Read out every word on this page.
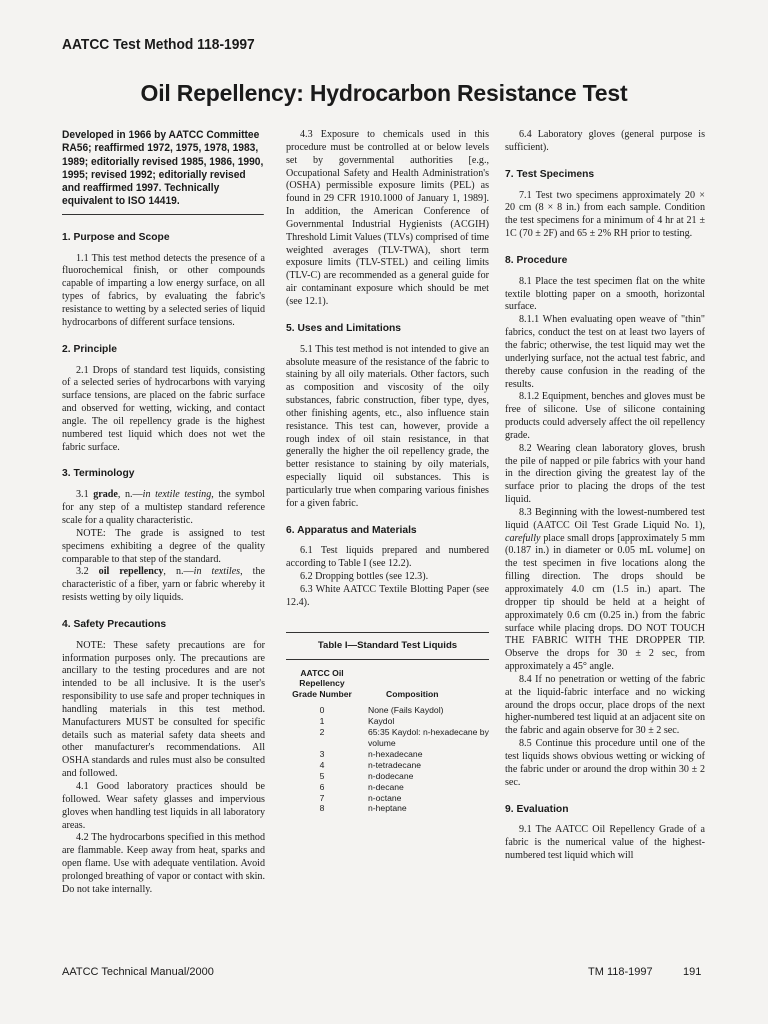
AATCC Test Method 118-1997
Oil Repellency: Hydrocarbon Resistance Test
Developed in 1966 by AATCC Committee RA56; reaffirmed 1972, 1975, 1978, 1983, 1989; editorially revised 1985, 1986, 1990, 1995; revised 1992; editorially revised and reaffirmed 1997. Technically equivalent to ISO 14419.
1. Purpose and Scope

1.1 This test method detects the presence of a fluorochemical finish, or other compounds capable of imparting a low energy surface, on all types of fabrics, by evaluating the fabric's resistance to wetting by a selected series of liquid hydrocarbons of different surface tensions.

2. Principle

2.1 Drops of standard test liquids, consisting of a selected series of hydrocarbons with varying surface tensions, are placed on the fabric surface and observed for wetting, wicking, and contact angle. The oil repellency grade is the highest numbered test liquid which does not wet the fabric surface.

3. Terminology

3.1 grade, n.—in textile testing, the symbol for any step of a multistep standard reference scale for a quality characteristic.

NOTE: The grade is assigned to test specimens exhibiting a degree of the quality comparable to that step of the standard.

3.2 oil repellency, n.—in textiles, the characteristic of a fiber, yarn or fabric whereby it resists wetting by oily liquids.

4. Safety Precautions

NOTE: These safety precautions are for information purposes only. The precautions are ancillary to the testing procedures and are not intended to be all inclusive. It is the user's responsibility to use safe and proper techniques in handling materials in this test method. Manufacturers MUST be consulted for specific details such as material safety data sheets and other manufacturer's recommendations. All OSHA standards and rules must also be consulted and followed.

4.1 Good laboratory practices should be followed. Wear safety glasses and impervious gloves when handling test liquids in all laboratory areas.

4.2 The hydrocarbons specified in this method are flammable. Keep away from heat, sparks and open flame. Use with adequate ventilation. Avoid prolonged breathing of vapor or contact with skin. Do not take internally.

4.3 Exposure to chemicals used in this procedure must be controlled at or below levels set by governmental authorities [e.g., Occupational Safety and Health Administration's (OSHA) permissible exposure limits (PEL) as found in 29 CFR 1910.1000 of January 1, 1989]. In addition, the American Conference of Governmental Industrial Hygienists (ACGIH) Threshold Limit Values (TLVs) comprised of time weighted averages (TLV-TWA), short term exposure limits (TLV-STEL) and ceiling limits (TLV-C) are recommended as a general guide for air contaminant exposure which should be met (see 12.1).

5. Uses and Limitations

5.1 This test method is not intended to give an absolute measure of the resistance of the fabric to staining by all oily materials. Other factors, such as composition and viscosity of the oily substances, fabric construction, fiber type, dyes, other finishing agents, etc., also influence stain resistance. This test can, however, provide a rough index of oil stain resistance, in that generally the higher the oil repellency grade, the better resistance to staining by oily materials, especially liquid oil substances. This is particularly true when comparing various finishes for a given fabric.

6. Apparatus and Materials

6.1 Test liquids prepared and numbered according to Table I (see 12.2).

6.2 Dropping bottles (see 12.3).

6.3 White AATCC Textile Blotting Paper (see 12.4).

Table I—Standard Test Liquids
AATCC Oil Repellency Grade Number	Composition
0	None (Fails Kaydol)
1	Kaydol
2	65:35 Kaydol: n-hexadecane by volume
3	n-hexadecane
4	n-tetradecane
5	n-dodecane
6	n-decane
7	n-octane
8	n-heptane

6.4 Laboratory gloves (general purpose is sufficient).

7. Test Specimens

7.1 Test two specimens approximately 20 × 20 cm (8 × 8 in.) from each sample. Condition the test specimens for a minimum of 4 hr at 21 ± 1C (70 ± 2F) and 65 ± 2% RH prior to testing.

8. Procedure

8.1 Place the test specimen flat on the white textile blotting paper on a smooth, horizontal surface.

8.1.1 When evaluating open weave of "thin" fabrics, conduct the test on at least two layers of the fabric; otherwise, the test liquid may wet the underlying surface, not the actual test fabric, and thereby cause confusion in the reading of the results.

8.1.2 Equipment, benches and gloves must be free of silicone. Use of silicone containing products could adversely affect the oil repellency grade.

8.2 Wearing clean laboratory gloves, brush the pile of napped or pile fabrics with your hand in the direction giving the greatest lay of the surface prior to placing the drops of the test liquid.

8.3 Beginning with the lowest-numbered test liquid (AATCC Oil Test Grade Liquid No. 1), carefully place small drops [approximately 5 mm (0.187 in.) in diameter or 0.05 mL volume] on the test specimen in five locations along the filling direction. The drops should be approximately 4.0 cm (1.5 in.) apart. The dropper tip should be held at a height of approximately 0.6 cm (0.25 in.) from the fabric surface while placing drops. DO NOT TOUCH THE FABRIC WITH THE DROPPER TIP. Observe the drops for 30 ± 2 sec, from approximately a 45° angle.

8.4 If no penetration or wetting of the fabric at the liquid-fabric interface and no wicking around the drops occur, place drops of the next higher-numbered test liquid at an adjacent site on the fabric and again observe for 30 ± 2 sec.

8.5 Continue this procedure until one of the test liquids shows obvious wetting or wicking of the fabric under or around the drop within 30 ± 2 sec.

9. Evaluation

9.1 The AATCC Oil Repellency Grade of a fabric is the numerical value of the highest-numbered test liquid which will

AATCC Technical Manual/2000	TM 118-1997	191
